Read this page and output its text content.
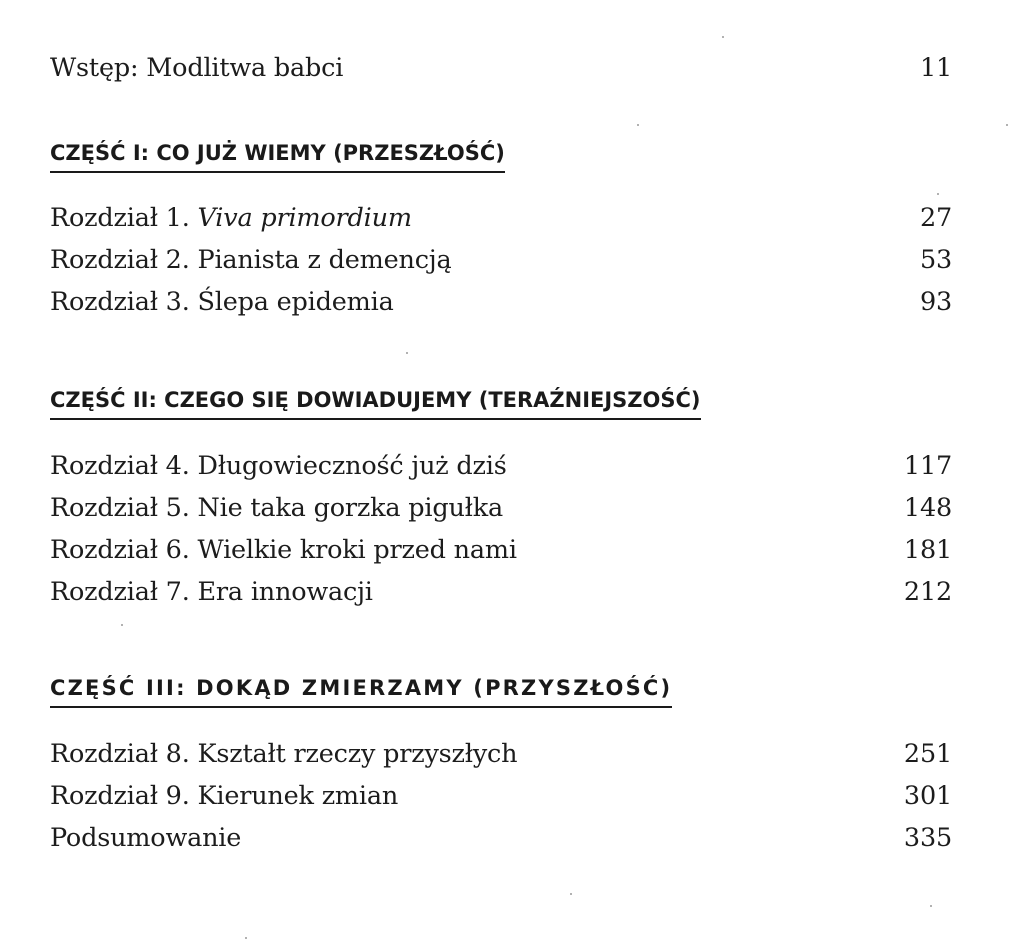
Wstęp: Modlitwa babci	11
CZĘŚĆ I: CO JUŻ WIEMY (PRZESZŁOŚĆ)
Rozdział 1. Viva primordium	27
Rozdział 2. Pianista z demencją	53
Rozdział 3. Ślepa epidemia	93
CZĘŚĆ II: CZEGO SIĘ DOWIADUJEMY (TERAŹNIEJSZOŚĆ)
Rozdział 4. Długowieczność już dziś	117
Rozdział 5. Nie taka gorzka pigułka	148
Rozdział 6. Wielkie kroki przed nami	181
Rozdział 7. Era innowacji	212
CZĘŚĆ III: DOKĄD ZMIERZAMY (PRZYSZŁOŚĆ)
Rozdział 8. Kształt rzeczy przyszłych	251
Rozdział 9. Kierunek zmian	301
Podsumowanie	335
